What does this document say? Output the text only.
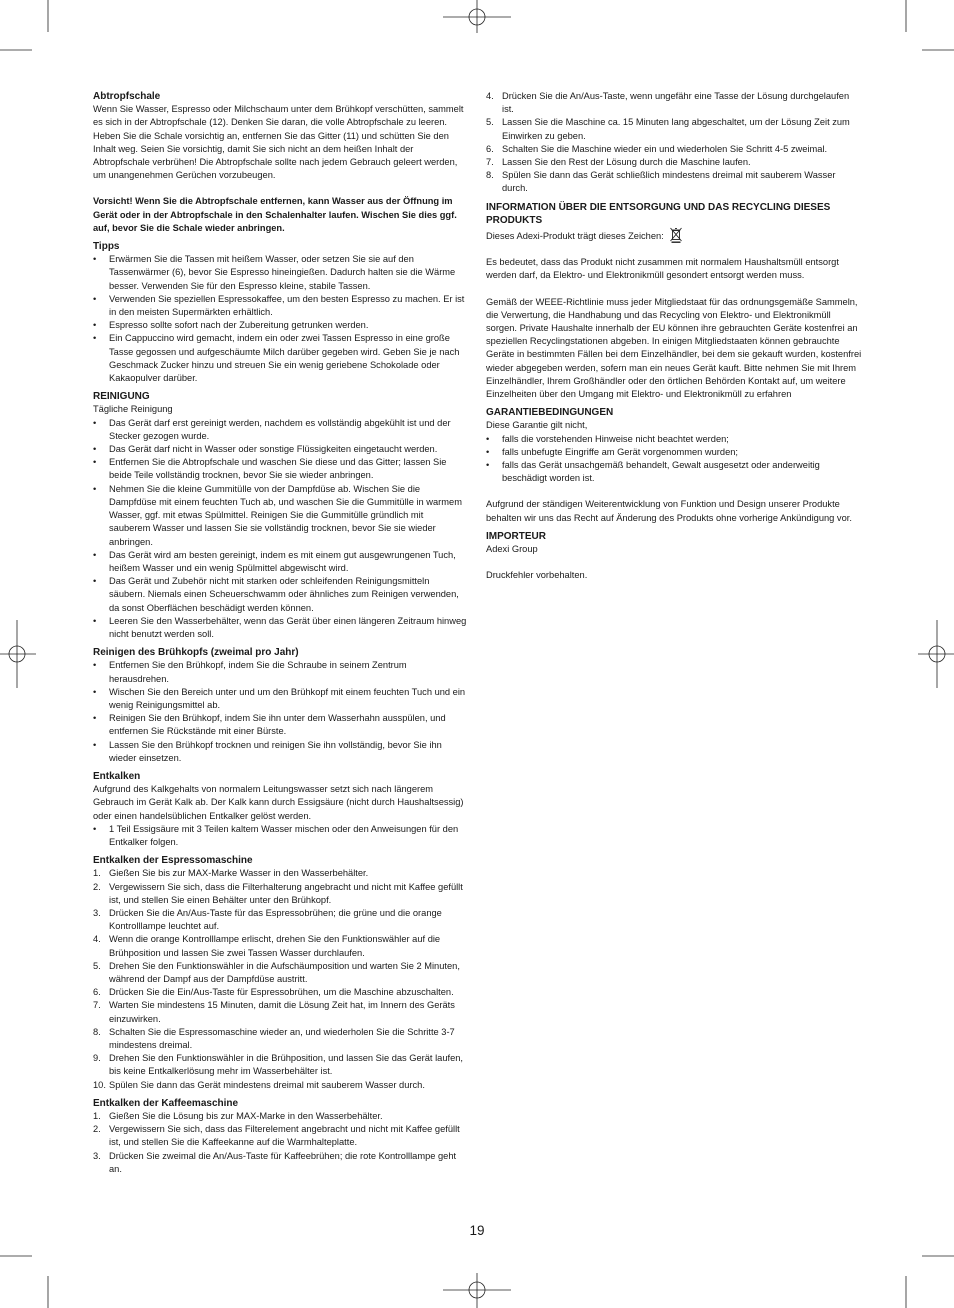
Abtropfschale

Wenn Sie Wasser, Espresso oder Milchschaum unter dem Brühkopf verschütten, sammelt es sich in der Abtropfschale (12). Denken Sie daran, die volle Abtropfschale zu leeren. Heben Sie die Schale vorsichtig an, entfernen Sie das Gitter (11) und schütten Sie den Inhalt weg. Seien Sie vorsichtig, damit Sie sich nicht an dem heißen Inhalt der Abtropfschale verbrühen! Die Abtropfschale sollte nach jedem Gebrauch geleert werden, um unangenehmen Gerüchen vorzubeugen.

Vorsicht! Wenn Sie die Abtropfschale entfernen, kann Wasser aus der Öffnung im Gerät oder in der Abtropfschale in den Schalenhalter laufen. Wischen Sie dies ggf. auf, bevor Sie die Schale wieder anbringen.

Tipps
• Erwärmen Sie die Tassen mit heißem Wasser, oder setzen Sie sie auf den Tassenwärmer (6), bevor Sie Espresso hineingießen. Dadurch halten sie die Wärme besser. Verwenden Sie für den Espresso kleine, stabile Tassen.
• Verwenden Sie speziellen Espressokaffee, um den besten Espresso zu machen. Er ist in den meisten Supermärkten erhältlich.
• Espresso sollte sofort nach der Zubereitung getrunken werden.
• Ein Cappuccino wird gemacht, indem ein oder zwei Tassen Espresso in eine große Tasse gegossen und aufgeschäumte Milch darüber gegeben wird. Geben Sie je nach Geschmack Zucker hinzu und streuen Sie ein wenig geriebene Schokolade oder Kakaopulver darüber.
REINIGUNG

Tägliche Reinigung

• Das Gerät darf erst gereinigt werden, nachdem es vollständig abgekühlt ist und der Stecker gezogen wurde.
• Das Gerät darf nicht in Wasser oder sonstige Flüssigkeiten eingetaucht werden.
• Entfernen Sie die Abtropfschale und waschen Sie diese und das Gitter; lassen Sie beide Teile vollständig trocknen, bevor Sie sie wieder anbringen.
• Nehmen Sie die kleine Gummitülle von der Dampfdüse ab. Wischen Sie die Dampfdüse mit einem feuchten Tuch ab, und waschen Sie die Gummitülle in warmem Wasser, ggf. mit etwas Spülmittel. Reinigen Sie die Gummitülle gründlich mit sauberem Wasser und lassen Sie sie vollständig trocknen, bevor Sie sie wieder anbringen.
• Das Gerät wird am besten gereinigt, indem es mit einem gut ausgewrungenen Tuch, heißem Wasser und ein wenig Spülmittel abgewischt wird.
• Das Gerät und Zubehör nicht mit starken oder schleifenden Reinigungsmitteln säubern. Niemals einen Scheuerschwamm oder ähnliches zum Reinigen verwenden, da sonst Oberflächen beschädigt werden können.
• Leeren Sie den Wasserbehälter, wenn das Gerät über einen längeren Zeitraum hinweg nicht benutzt werden soll.
Reinigen des Brühkopfs (zweimal pro Jahr)
• Entfernen Sie den Brühkopf, indem Sie die Schraube in seinem Zentrum herausdrehen.
• Wischen Sie den Bereich unter und um den Brühkopf mit einem feuchten Tuch und ein wenig Reinigungsmittel ab.
• Reinigen Sie den Brühkopf, indem Sie ihn unter dem Wasserhahn ausspülen, und entfernen Sie Rückstände mit einer Bürste.
• Lassen Sie den Brühkopf trocknen und reinigen Sie ihn vollständig, bevor Sie ihn wieder einsetzen.
Entkalken

Aufgrund des Kalkgehalts von normalem Leitungswasser setzt sich nach längerem Gebrauch im Gerät Kalk ab. Der Kalk kann durch Essigsäure (nicht durch Haushaltsessig) oder einen handelsüblichen Entkalker gelöst werden.

• 1 Teil Essigsäure mit 3 Teilen kaltem Wasser mischen oder den Anweisungen für den Entkalker folgen.
Entkalken der Espressomaschine
1. Gießen Sie bis zur MAX-Marke Wasser in den Wasserbehälter.
2. Vergewissern Sie sich, dass die Filterhalterung angebracht und nicht mit Kaffee gefüllt ist, und stellen Sie einen Behälter unter den Brühkopf.
3. Drücken Sie die An/Aus-Taste für das Espressobrühen; die grüne und die orange Kontrolllampe leuchtet auf.
4. Wenn die orange Kontrolllampe erlischt, drehen Sie den Funktionswähler auf die Brühposition und lassen Sie zwei Tassen Wasser durchlaufen.
5. Drehen Sie den Funktionswähler in die Aufschäumposition und warten Sie 2 Minuten, während der Dampf aus der Dampfdüse austritt.
6. Drücken Sie die Ein/Aus-Taste für Espressobrühen, um die Maschine abzuschalten.
7. Warten Sie mindestens 15 Minuten, damit die Lösung Zeit hat, im Innern des Geräts einzuwirken.
8. Schalten Sie die Espressomaschine wieder an, und wiederholen Sie die Schritte 3-7 mindestens dreimal.
9. Drehen Sie den Funktionswähler in die Brühposition, und lassen Sie das Gerät laufen, bis keine Entkalkerlösung mehr im Wasserbehälter ist.
10. Spülen Sie dann das Gerät mindestens dreimal mit sauberem Wasser durch.
Entkalken der Kaffeemaschine
1. Gießen Sie die Lösung bis zur MAX-Marke in den Wasserbehälter.
2. Vergewissern Sie sich, dass das Filterelement angebracht und nicht mit Kaffee gefüllt ist, und stellen Sie die Kaffeekanne auf die Warmhalteplatte.
3. Drücken Sie zweimal die An/Aus-Taste für Kaffeebrühen; die rote Kontrolllampe geht an.
4. Drücken Sie die An/Aus-Taste, wenn ungefähr eine Tasse der Lösung durchgelaufen ist.
5. Lassen Sie die Maschine ca. 15 Minuten lang abgeschaltet, um der Lösung Zeit zum Einwirken zu geben.
6. Schalten Sie die Maschine wieder ein und wiederholen Sie Schritt 4-5 zweimal.
7. Lassen Sie den Rest der Lösung durch die Maschine laufen.
8. Spülen Sie dann das Gerät schließlich mindestens dreimal mit sauberem Wasser durch.
INFORMATION ÜBER DIE ENTSORGUNG UND DAS RECYCLING DIESES PRODUKTS

Dieses Adexi-Produkt trägt dieses Zeichen:

Es bedeutet, dass das Produkt nicht zusammen mit normalem Haushaltsmüll entsorgt werden darf, da Elektro- und Elektronikmüll gesondert entsorgt werden muss.

Gemäß der WEEE-Richtlinie muss jeder Mitgliedstaat für das ordnungsgemäße Sammeln, die Verwertung, die Handhabung und das Recycling von Elektro- und Elektronikmüll sorgen. Private Haushalte innerhalb der EU können ihre gebrauchten Geräte kostenfrei an speziellen Recyclingstationen abgeben. In einigen Mitgliedstaaten können gebrauchte Geräte in bestimmten Fällen bei dem Einzelhändler, bei dem sie gekauft wurden, kostenfrei wieder abgegeben werden, sofern man ein neues Gerät kauft. Bitte nehmen Sie mit Ihrem Einzelhändler, Ihrem Großhändler oder den örtlichen Behörden Kontakt auf, um weitere Einzelheiten über den Umgang mit Elektro- und Elektronikmüll zu erfahren

GARANTIEBEDINGUNGEN

Diese Garantie gilt nicht,

• falls die vorstehenden Hinweise nicht beachtet werden;
• falls unbefugte Eingriffe am Gerät vorgenommen wurden;
• falls das Gerät unsachgemäß behandelt, Gewalt ausgesetzt oder anderweitig beschädigt worden ist.

Aufgrund der ständigen Weiterentwicklung von Funktion und Design unserer Produkte behalten wir uns das Recht auf Änderung des Produkts ohne vorherige Ankündigung vor.

IMPORTEUR

Adexi Group

Druckfehler vorbehalten.

19
